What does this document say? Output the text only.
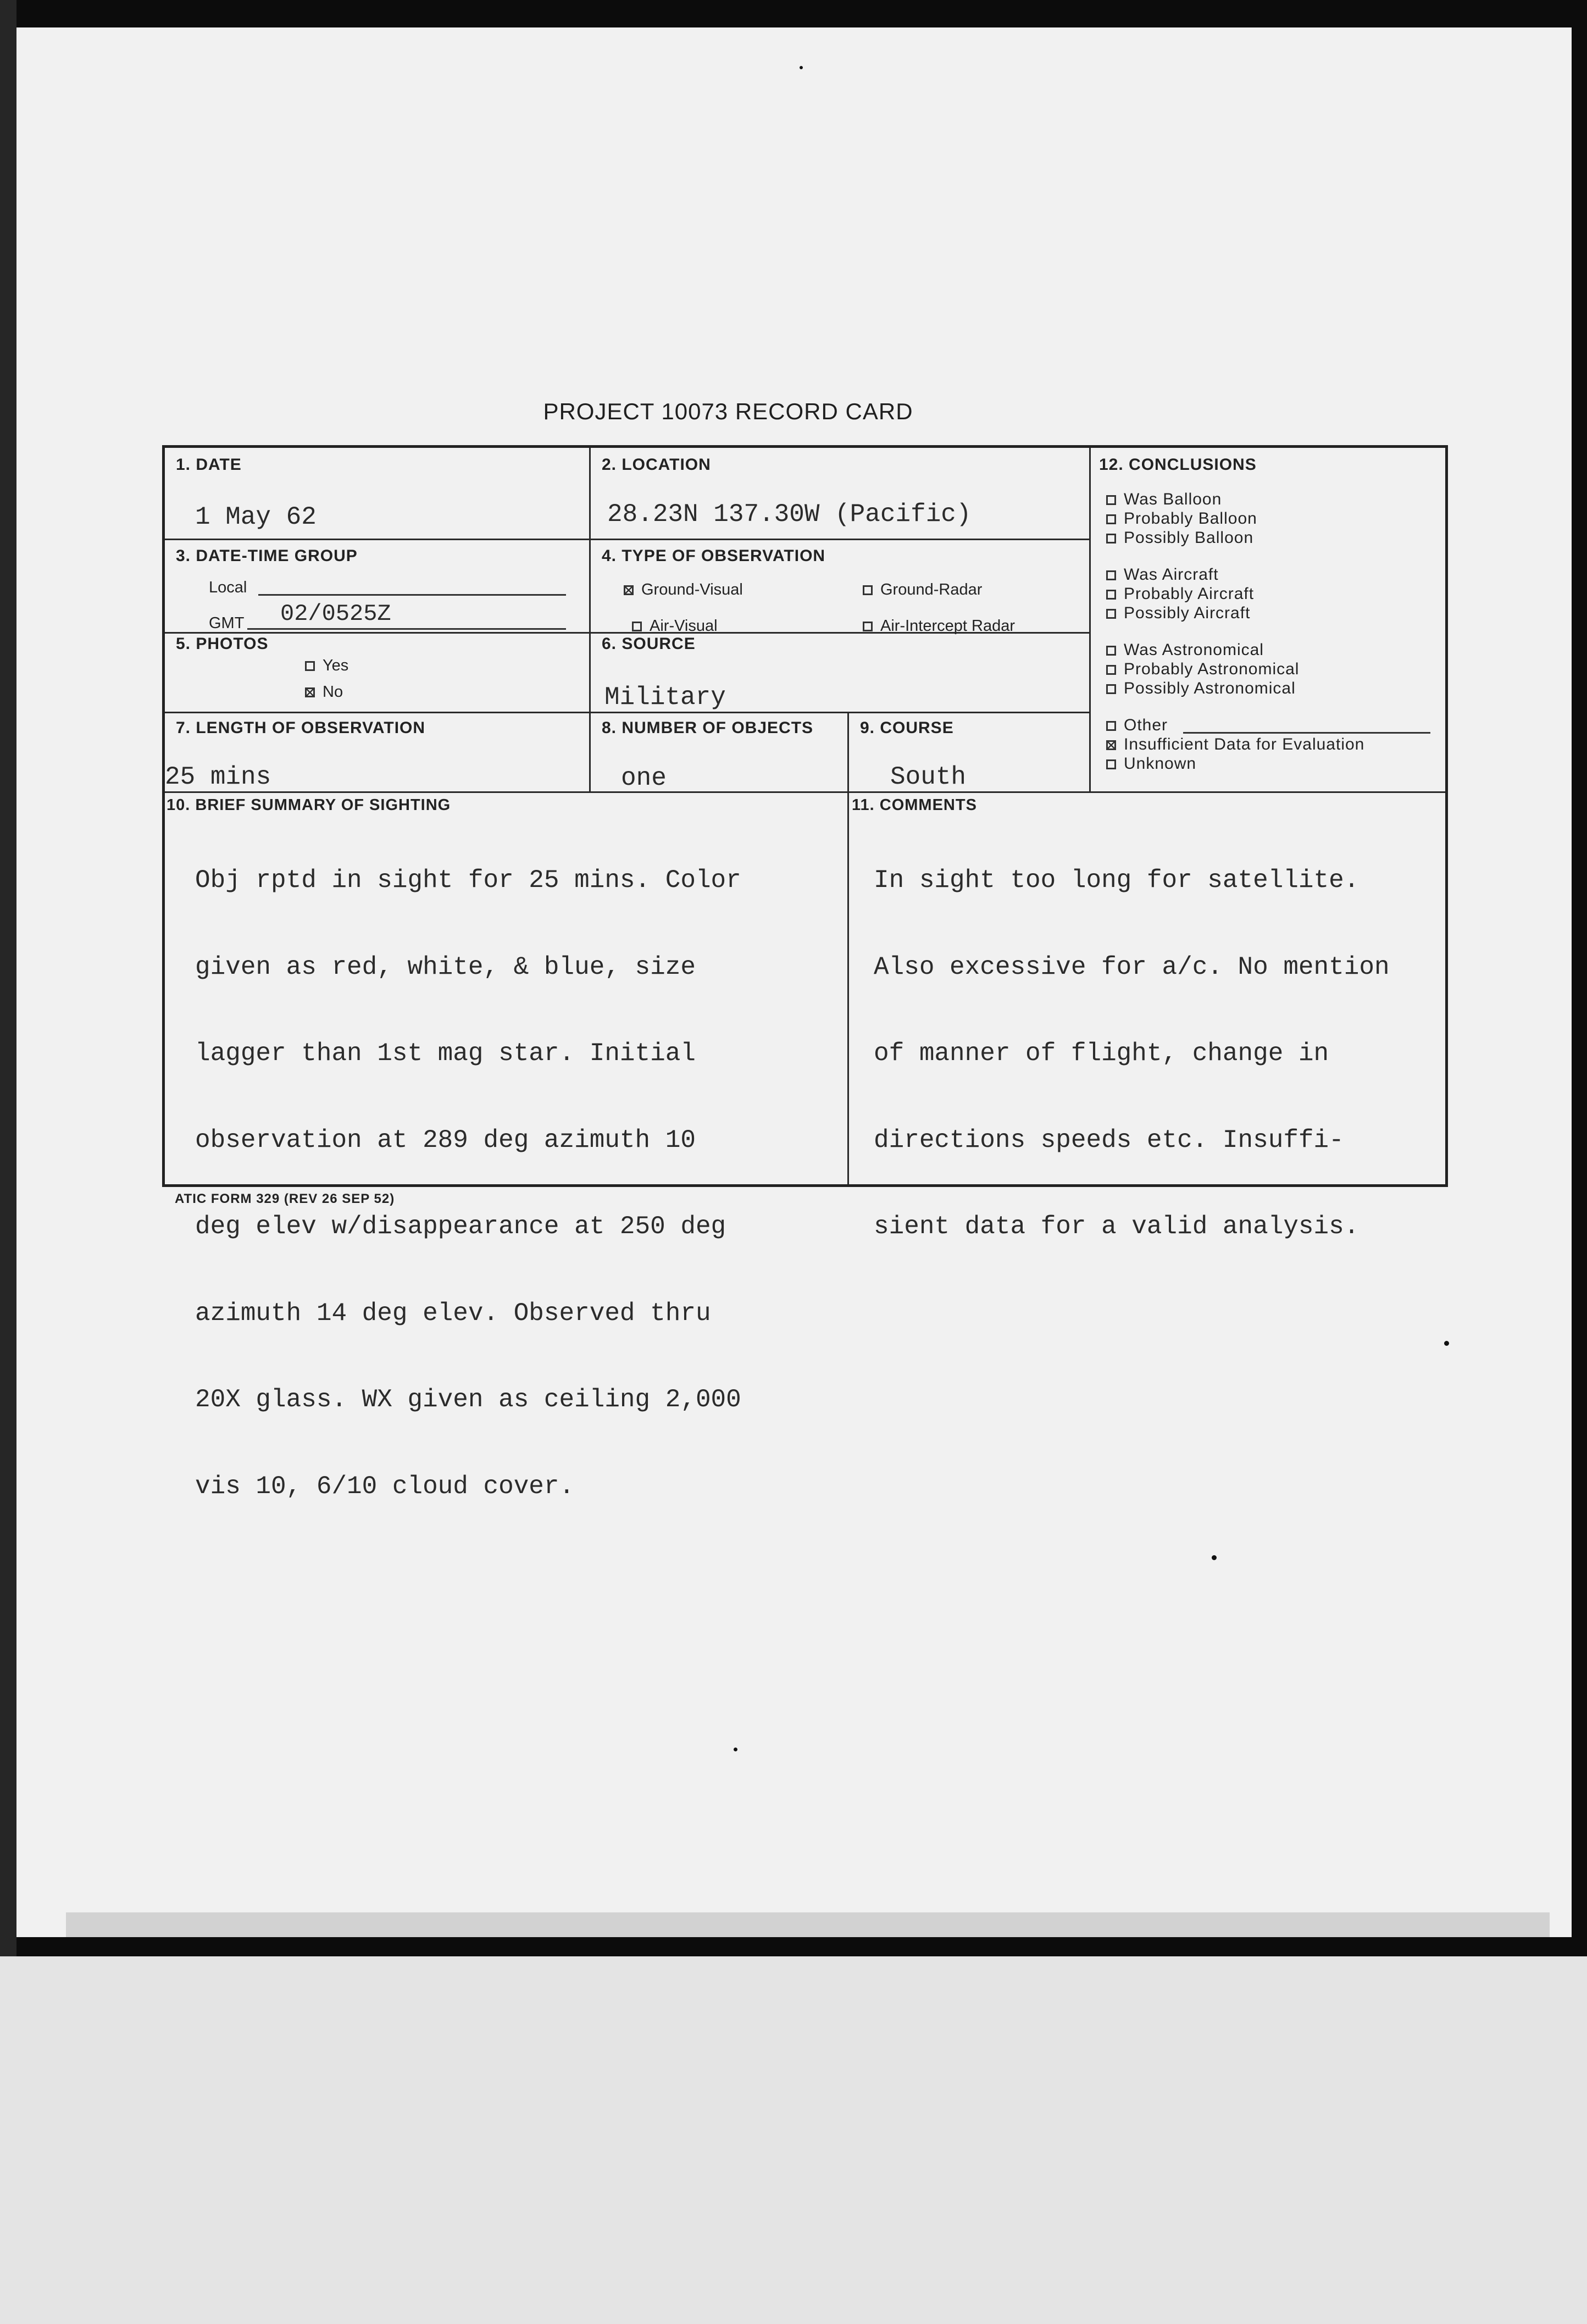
PROJECT 10073 RECORD CARD
1. DATE
1 May 62
2. LOCATION
28.23N 137.30W (Pacific)
3. DATE-TIME GROUP
Local
GMT 02/0525Z
4. TYPE OF OBSERVATION
Ground-Visual	Ground-Radar
Air-Visual	Air-Intercept Radar
5. PHOTOS
Yes
No
6. SOURCE
Military
7. LENGTH OF OBSERVATION
25 mins
8. NUMBER OF OBJECTS
one
9. COURSE
South
12. CONCLUSIONS
Was Balloon
Probably Balloon
Possibly Balloon
Was Aircraft
Probably Aircraft
Possibly Aircraft
Was Astronomical
Probably Astronomical
Possibly Astronomical
Other
Insufficient Data for Evaluation
Unknown
10. BRIEF SUMMARY OF SIGHTING

Obj rptd in sight for 25 mins. Color

given as red, white, & blue, size

lagger than 1st mag star. Initial

observation at 289 deg azimuth 10

deg elev w/disappearance at 250 deg

azimuth 14 deg elev. Observed thru

20X glass. WX given as ceiling 2,000

vis 10, 6/10 cloud cover.

11. COMMENTS

In sight too long for satellite.

Also excessive for a/c. No mention

of manner of flight, change in

directions speeds etc. Insuffi-

sient data for a valid analysis.

ATIC FORM 329 (REV 26 SEP 52)
